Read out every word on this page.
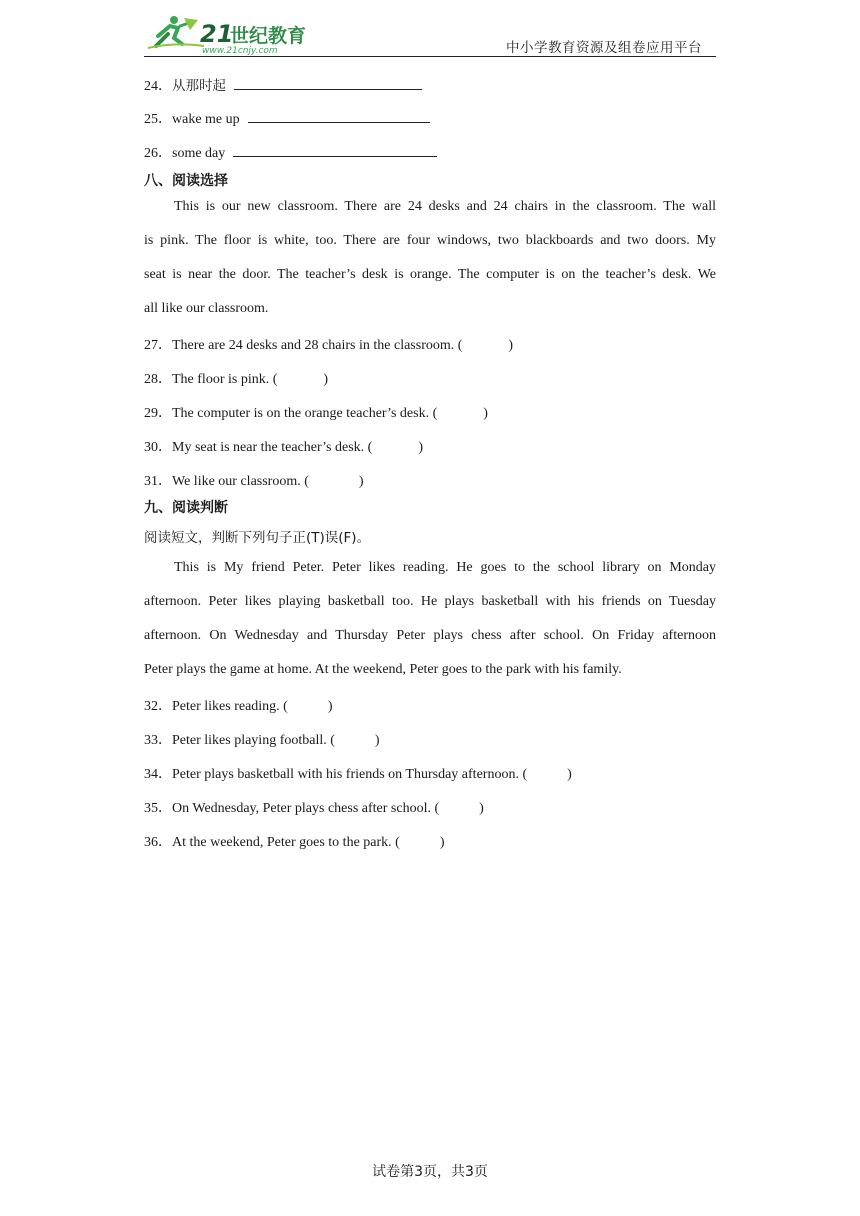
21
世纪教育
www.21cnjy.com	中小学教育资源及组卷应用平台
24．从那时起
25．wake me up
26．some day
八、阅读选择
This is our new classroom. There are 24 desks and 24 chairs in the classroom. The wall
is pink. The floor is white, too. There are four windows, two blackboards and two doors. My
seat is near the door. The teacher’s desk is orange. The computer is on the teacher’s desk. We
all like our classroom.
27．There are 24 desks and 28 chairs in the classroom. (	)
28．The floor is pink. (	)
29．The computer is on the orange teacher’s desk. (	)
30．My seat is near the teacher’s desk. (	)
31．We like our classroom. (	)
九、阅读判断
阅读短文，判断下列句子正(T)误(F)。
This is My friend Peter. Peter likes reading. He goes to the school library on Monday
afternoon. Peter likes playing basketball too. He plays basketball with his friends on Tuesday
afternoon. On Wednesday and Thursday Peter plays chess after school. On Friday afternoon
Peter plays the game at home. At the weekend, Peter goes to the park with his family.
32．Peter likes reading. (	)
33．Peter likes playing football. (	)
34．Peter plays basketball with his friends on Thursday afternoon. (	)
35．On Wednesday, Peter plays chess after school. (	)
36．At the weekend, Peter goes to the park. (	)
试卷第3页，共3页
